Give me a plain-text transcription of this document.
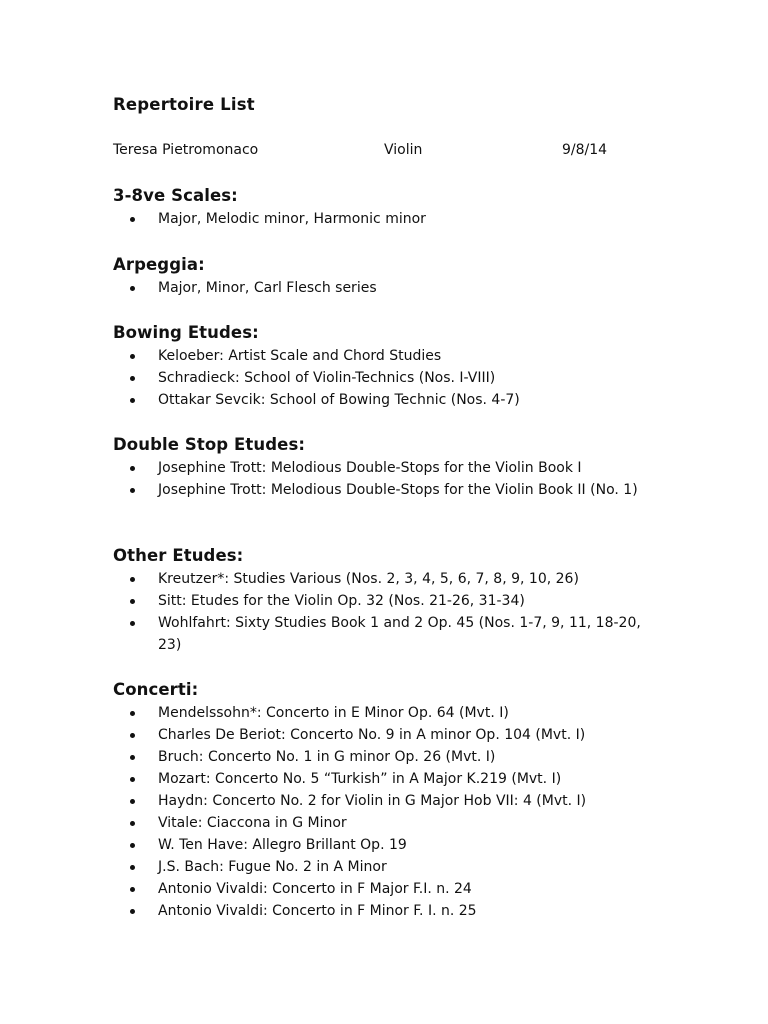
Repertoire List
Teresa Pietromonaco	Violin	9/8/14
3-8ve Scales:
Major, Melodic minor, Harmonic minor
Arpeggia:
Major, Minor, Carl Flesch series
Bowing Etudes:
Keloeber: Artist Scale and Chord Studies
Schradieck: School of Violin-Technics (Nos. I-VIII)
Ottakar Sevcik: School of Bowing Technic (Nos. 4-7)
Double Stop Etudes:
Josephine Trott: Melodious Double-Stops for the Violin Book I
Josephine Trott: Melodious Double-Stops for the Violin Book II (No. 1)
Other Etudes:
Kreutzer*: Studies Various (Nos. 2, 3, 4, 5, 6, 7, 8, 9, 10, 26)
Sitt: Etudes for the Violin Op. 32 (Nos. 21-26, 31-34)
Wohlfahrt: Sixty Studies Book 1 and 2 Op. 45 (Nos. 1-7, 9, 11, 18-20, 23)
Concerti:
Mendelssohn*: Concerto in E Minor Op. 64 (Mvt. I)
Charles De Beriot: Concerto No. 9 in A minor Op. 104 (Mvt. I)
Bruch: Concerto No. 1 in G minor Op. 26 (Mvt. I)
Mozart: Concerto No. 5 “Turkish” in A Major K.219 (Mvt. I)
Haydn: Concerto No. 2 for Violin in G Major Hob VII: 4 (Mvt. I)
Vitale: Ciaccona in G Minor
W. Ten Have: Allegro Brillant Op. 19
J.S. Bach: Fugue No. 2 in A Minor
Antonio Vivaldi: Concerto in F Major F.I. n. 24
Antonio Vivaldi: Concerto in F Minor F. I. n. 25
